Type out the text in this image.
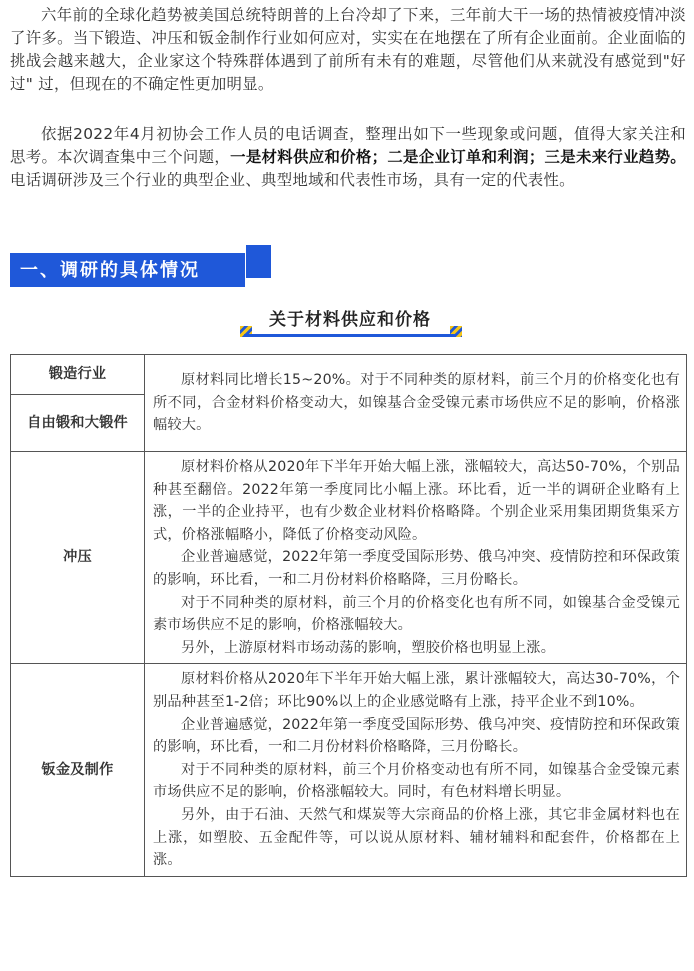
六年前的全球化趋势被美国总统特朗普的上台冷却了下来，三年前大干一场的热情被疫情冲淡了许多。当下锻造、冲压和钣金制作行业如何应对，实实在在地摆在了所有企业面前。企业面临的挑战会越来越大，企业家这个特殊群体遇到了前所有未有的难题，尽管他们从来就没有感觉到"好过" 过，但现在的不确定性更加明显。

依据2022年4月初协会工作人员的电话调查，整理出如下一些现象或问题，值得大家关注和思考。本次调查集中三个问题，一是材料供应和价格；二是企业订单和利润；三是未来行业趋势。电话调研涉及三个行业的典型企业、典型地域和代表性市场，具有一定的代表性。

一、调研的具体情况
关于材料供应和价格
锻造行业	原材料同比增长15~20%。对于不同种类的原材料，前三个月的价格变化也有所不同，合金材料价格变动大，如镍基合金受镍元素市场供应不足的影响，价格涨幅较大。

自由锻和大锻件	
冲压	原材料价格从2020年下半年开始大幅上涨，涨幅较大，高达50-70%，个别品种甚至翻倍。2022年第一季度同比小幅上涨。环比看，近一半的调研企业略有上涨，一半的企业持平，也有少数企业材料价格略降。个别企业采用集团期货集采方式，价格涨幅略小，降低了价格变动风险。

企业普遍感觉，2022年第一季度受国际形势、俄乌冲突、疫情防控和环保政策的影响，环比看，一和二月份材料价格略降，三月份略长。

对于不同种类的原材料，前三个月的价格变化也有所不同，如镍基合金受镍元素市场供应不足的影响，价格涨幅较大。

另外，上游原材料市场动荡的影响，塑胶价格也明显上涨。

钣金及制作	原材料价格从2020年下半年开始大幅上涨，累计涨幅较大，高达30-70%，个别品种甚至1-2倍；环比90%以上的企业感觉略有上涨，持平企业不到10%。

企业普遍感觉，2022年第一季度受国际形势、俄乌冲突、疫情防控和环保政策的影响，环比看，一和二月份材料价格略降，三月份略长。

对于不同种类的原材料，前三个月价格变动也有所不同，如镍基合金受镍元素市场供应不足的影响，价格涨幅较大。同时，有色材料增长明显。

另外，由于石油、天然气和煤炭等大宗商品的价格上涨，其它非金属材料也在上涨，如塑胶、五金配件等，可以说从原材料、辅材辅料和配套件，价格都在上涨。
